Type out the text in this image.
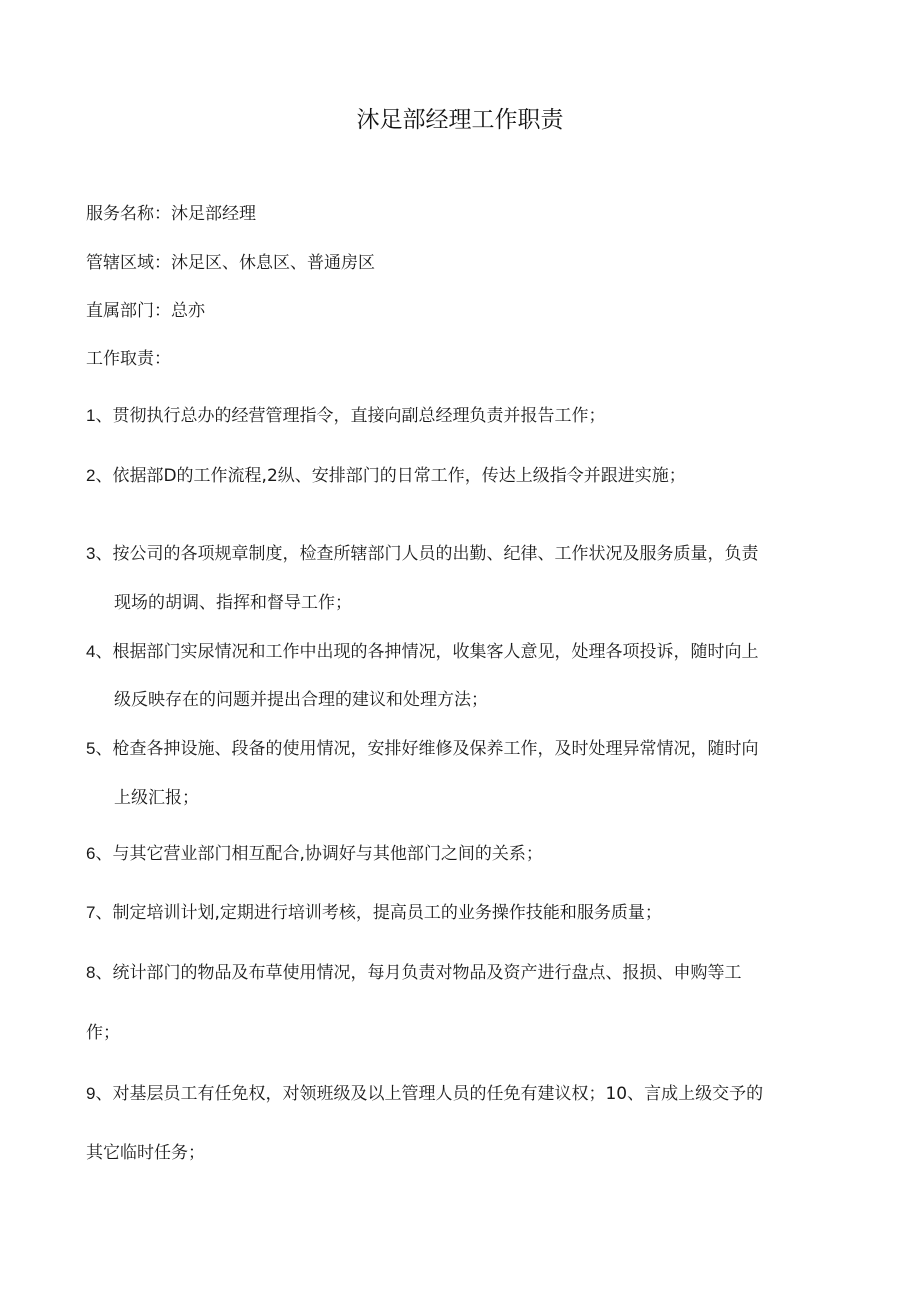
沐足部经理工作职责
服务名称：沐足部经理
管辖区域：沐足区、休息区、普通房区
直属部门：总亦
工作取责：
1、贯彻执行总办的经营管理指令，直接向副总经理负责并报告工作；
2、依据部D的工作流程,2纵、安排部门的日常工作，传达上级指令并跟进实施；
3、按公司的各项规章制度，检查所辖部门人员的出勤、纪律、工作状况及服务质量，负责
现场的胡调、指挥和督导工作；
4、根据部门实尿情况和工作中出现的各抻情况，收集客人意见，处理各项投诉，随时向上
级反映存在的问题并提出合理的建议和处理方法；
5、枪查各抻设施、段备的使用情况，安排好维修及保养工作，及时处理异常情况，随时向
上级汇报；
6、与其它营业部门相互配合,协调好与其他部门之间的关系；
7、制定培训计划,定期进行培训考核，提高员工的业务操作技能和服务质量；
8、统计部门的物品及布草使用情况，每月负责对物品及资产进行盘点、报损、申购等工
作；
9、对基层员工有任免权，对领班级及以上管理人员的任免有建议权；10、言成上级交予的
其它临时任务；
